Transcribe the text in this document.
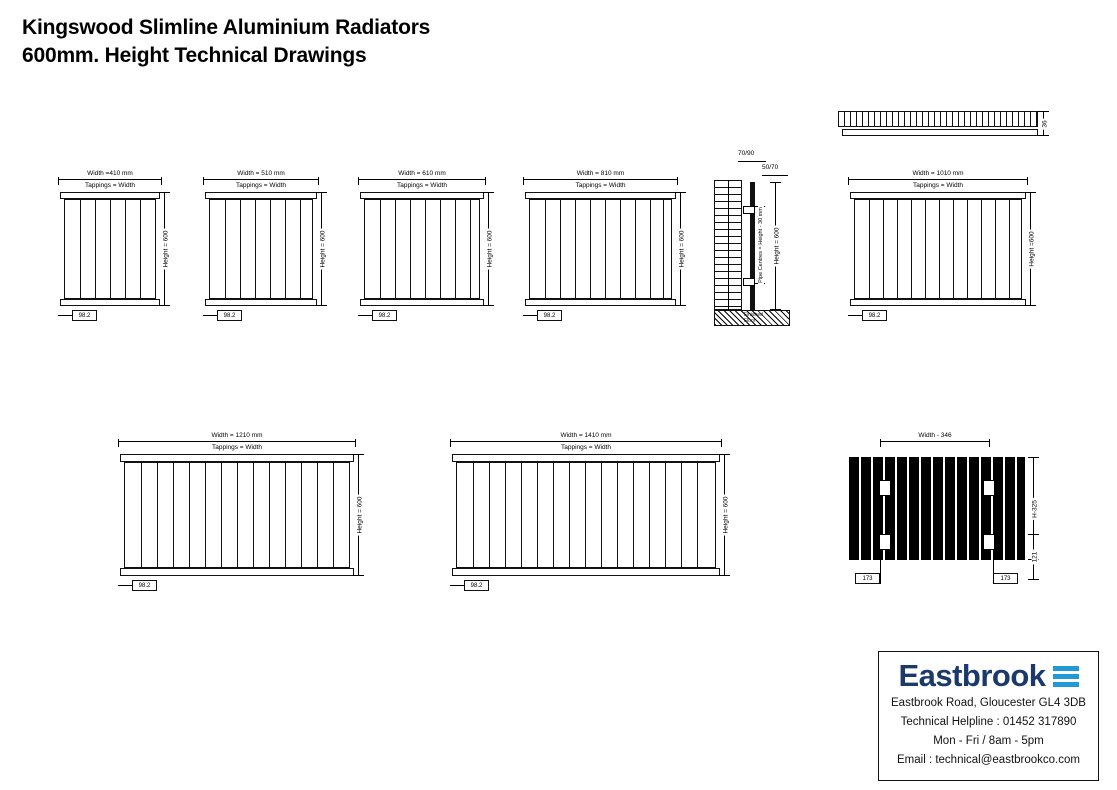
Kingswood Slimline Aluminium Radiators
600mm. Height Technical Drawings
Width =410 mm
Tappings = Width
Height = 600
98.2
Width = 510 mm
Tappings = Width
Height = 600
98.2
Width = 610 mm
Tappings = Width
Height = 600
98.2
Width = 810 mm
Tappings = Width
Height = 600
98.2
70/90
50/70
Finished
Floor
Pipe Centres = Height - 30 mm Height = 600
36
Width = 1010 mm
Tappings = Width
Height =600
98.2
Width = 1210 mm
Tappings = Width
Height = 600
98.2
Width = 1410 mm
Tappings = Width
Height = 600
98.2
Width - 346
H-325
121
173	173
Eastbrook
Eastbrook Road, Gloucester GL4 3DB
Technical Helpline : 01452 317890
Mon - Fri / 8am - 5pm
Email : technical@eastbrookco.com
